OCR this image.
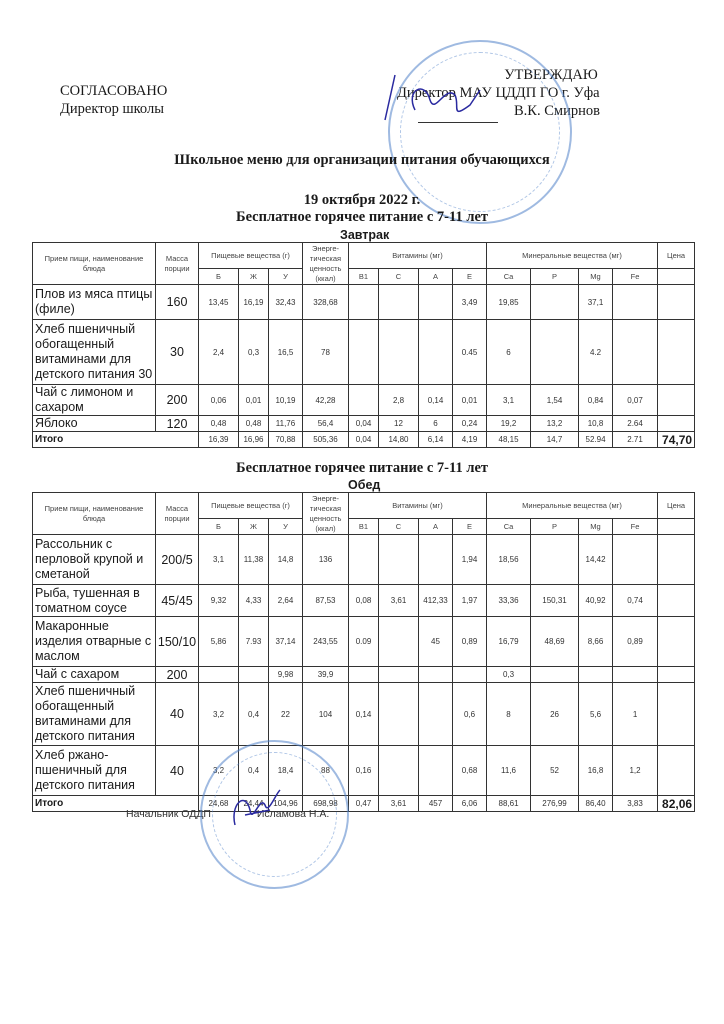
СОГЛАСОВАНО
Директор школы
УТВЕРЖДАЮ
Директор МАУ ЦДДП ГО г. Уфа
В.К. Смирнов
Школьное меню для организации питания обучающихся
19 октября 2022 г.
Бесплатное горячее питание с 7-11 лет
Завтрак
Прием пищи, наименование блюда	Масса порции	Пищевые вещества (г)			Энерге-тическая ценность (ккал)	Витамины (мг)				Минеральные вещества (мг)				Цена
		Б	Ж	У		B1	C	A	E	Ca	P	Mg	Fe	
Плов из мяса птицы (филе)	160	13,45	16,19	32,43	328,68				3,49	19,85		37,1		
Хлеб пшеничный обогащенный витаминами для детского питания 30	30	2,4	0,3	16,5	78				0.45	6		4.2		
Чай с лимоном и сахаром	200	0,06	0,01	10,19	42,28		2,8	0,14	0,01	3,1	1,54	0,84	0,07	
Яблоко	120	0,48	0,48	11,76	56,4	0,04	12	6	0,24	19,2	13,2	10,8	2.64	
Итого		16,39	16,96	70,88	505,36	0,04	14,80	6,14	4,19	48,15	14,7	52.94	2.71	74,70
Бесплатное горячее питание с 7-11 лет
Обед
Прием пищи, наименование блюда	Масса порции	Пищевые вещества (г)			Энерге-тическая ценность (ккал)	Витамины (мг)				Минеральные вещества (мг)				Цена
		Б	Ж	У		B1	C	A	E	Ca	P	Mg	Fe	
Рассольник с перловой крупой и сметаной	200/5	3,1	11,38	14,8	136				1,94	18,56		14,42		
Рыба, тушенная в томатном соусе	45/45	9,32	4,33	2,64	87,53	0,08	3,61	412,33	1,97	33,36	150,31	40,92	0,74	
Макаронные изделия отварные с маслом	150/10	5,86	7.93	37,14	243,55	0.09		45	0,89	16,79	48,69	8,66	0,89	
Чай с сахаром	200			9,98	39,9					0,3				
Хлеб пшеничный обогащенный витаминами для детского питания	40	3,2	0,4	22	104	0,14			0,6	8	26	5,6	1	
Хлеб ржано-пшеничный для детского питания	40	3,2	0,4	18,4	88	0,16			0,68	11,6	52	16,8	1,2	
Итого		24,68	24,44	104,96	698,98	0,47	3,61	457	6,06	88,61	276,99	86,40	3,83	82,06
Начальник ОДДП	Исламова Н.А.
